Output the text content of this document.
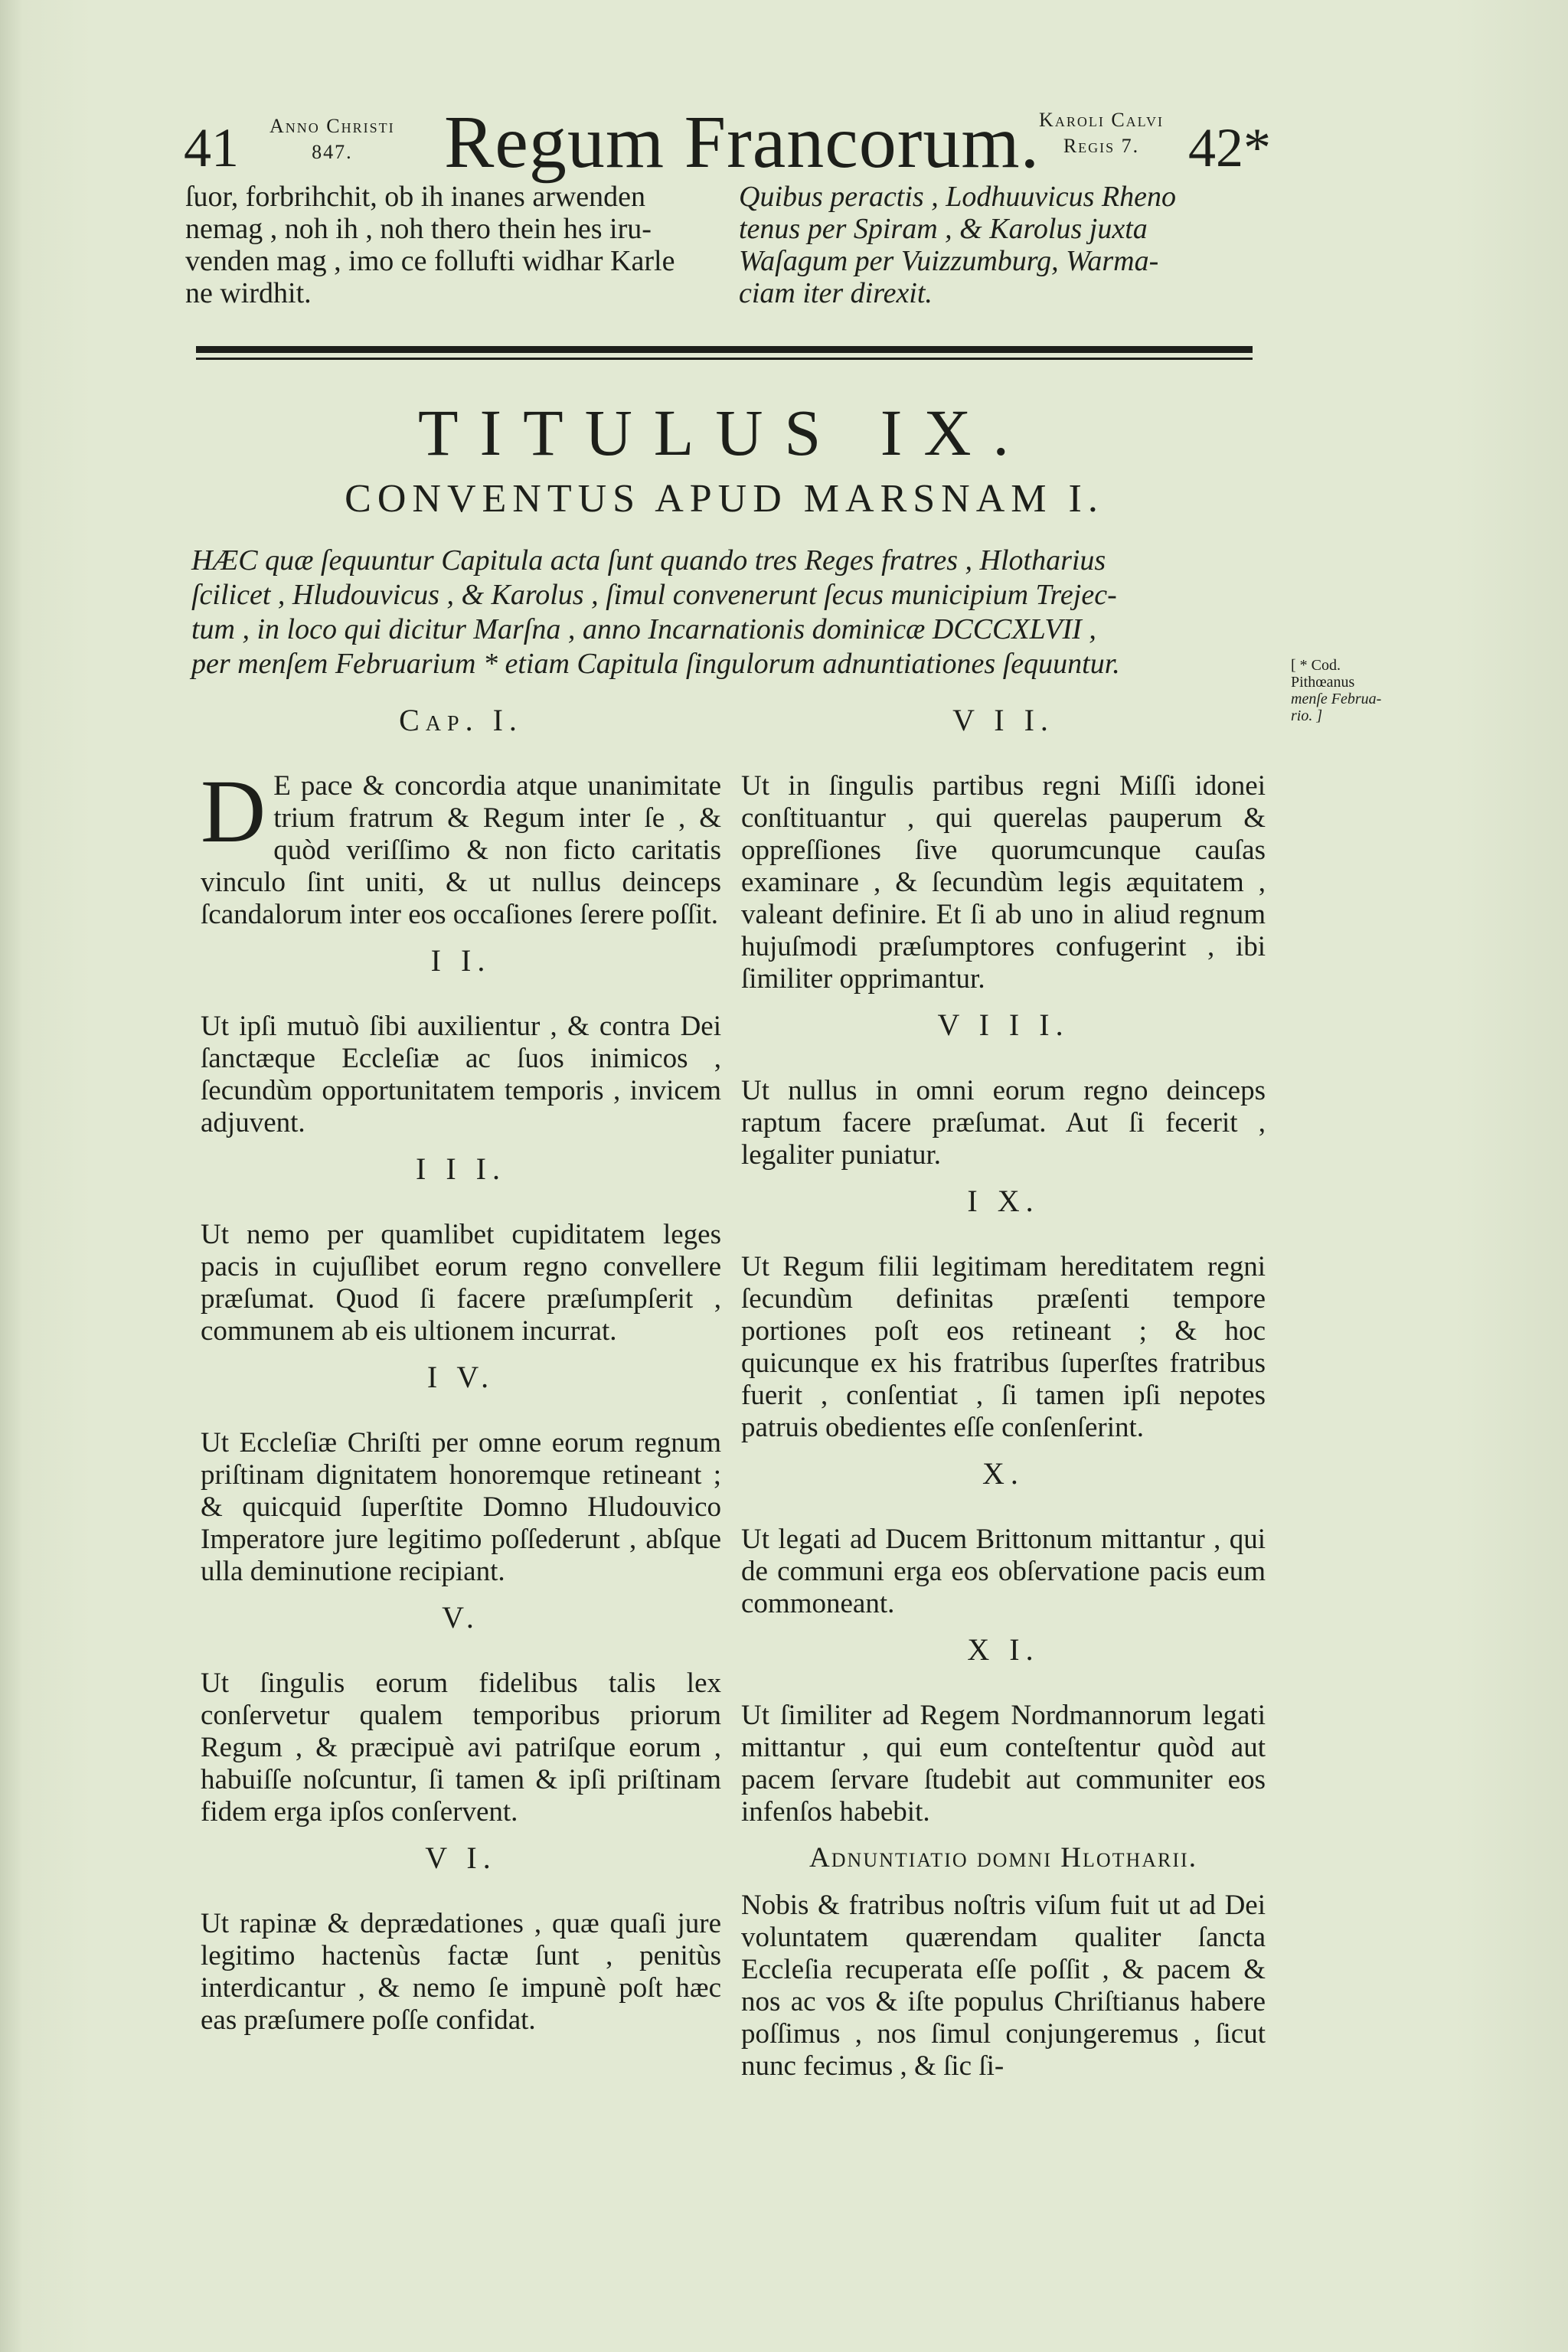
41 Anno Christi
847.	Regum Francorum.
Karoli Calvi
Regis 7. 42*

ſuor, forbrihchit, ob ih inanes arwenden

nemag , noh ih , noh thero thein hes iru-

venden mag , imo ce follufti widhar Karle

ne wirdhit.

Quibus peractis , Lodhuuvicus Rheno

tenus per Spiram , & Karolus juxta

Waſagum per Vuizzumburg, Warma-

ciam iter direxit.

TITULUS IX.
CONVENTUS APUD MARSNAM I.

HÆC quæ ſequuntur Capitula acta ſunt quando tres Reges fratres , Hlotharius

ſcilicet , Hludouvicus , & Karolus , ſimul convenerunt ſecus municipium Trejec-

tum , in loco qui dicitur Marſna , anno Incarnationis dominicæ DCCCXLVII ,

per menſem Februarium * etiam Capitula ſingulorum adnuntiationes ſequuntur.	[ * Cod.
Pithœanus
menſe Februa-
rio. ]
Cap. I.

D E pace & concordia atque unanimitate trium fratrum & Regum inter ſe , & quòd veriſſimo & non ficto caritatis vinculo ſint uniti, & ut nullus deinceps ſcandalorum inter eos occaſiones ſerere poſſit.

I I.

Ut ipſi mutuò ſibi auxilientur , & contra Dei ſanctæque Eccleſiæ ac ſuos inimicos , ſecundùm opportunitatem temporis , invicem adjuvent.

I I I.

Ut nemo per quamlibet cupiditatem leges pacis in cujuſlibet eorum regno convellere præſumat. Quod ſi facere præſumpſerit , communem ab eis ultionem incurrat.

I V.

Ut Eccleſiæ Chriſti per omne eorum regnum priſtinam dignitatem honoremque retineant ; & quicquid ſuperſtite Domno Hludouvico Imperatore jure legitimo poſſederunt , abſque ulla deminutione recipiant.

V.

Ut ſingulis eorum fidelibus talis lex conſervetur qualem temporibus priorum Regum , & præcipuè avi patriſque eorum , habuiſſe noſcuntur, ſi tamen & ipſi priſtinam fidem erga ipſos conſervent.

V I.

Ut rapinæ & deprædationes , quæ quaſi jure legitimo hactenùs factæ ſunt , penitùs interdicantur , & nemo ſe impunè poſt hæc eas præſumere poſſe confidat.

V I I.

Ut in ſingulis partibus regni Miſſi idonei conſtituantur , qui querelas pauperum & oppreſſiones ſive quorumcunque cauſas examinare , & ſecundùm legis æquitatem , valeant definire. Et ſi ab uno in aliud regnum hujuſmodi præſumptores confugerint , ibi ſimiliter opprimantur.

V I I I.

Ut nullus in omni eorum regno deinceps raptum facere præſumat. Aut ſi fecerit , legaliter puniatur.

I X.

Ut Regum filii legitimam hereditatem regni ſecundùm definitas præſenti tempore portiones poſt eos retineant ; & hoc quicunque ex his fratribus ſuperſtes fratribus fuerit , conſentiat , ſi tamen ipſi nepotes patruis obedientes eſſe conſenſerint.

X.

Ut legati ad Ducem Brittonum mittantur , qui de communi erga eos obſervatione pacis eum commoneant.

X I.

Ut ſimiliter ad Regem Nordmannorum legati mittantur , qui eum conteſtentur quòd aut pacem ſervare ſtudebit aut communiter eos infenſos habebit.

Adnuntiatio domni Hlotharii.

Nobis & fratribus noſtris viſum fuit ut ad Dei voluntatem quærendam qualiter ſancta Eccleſia recuperata eſſe poſſit , & pacem & nos ac vos & iſte populus Chriſtianus habere poſſimus , nos ſimul conjungeremus , ſicut nunc fecimus , & ſic ſi-
